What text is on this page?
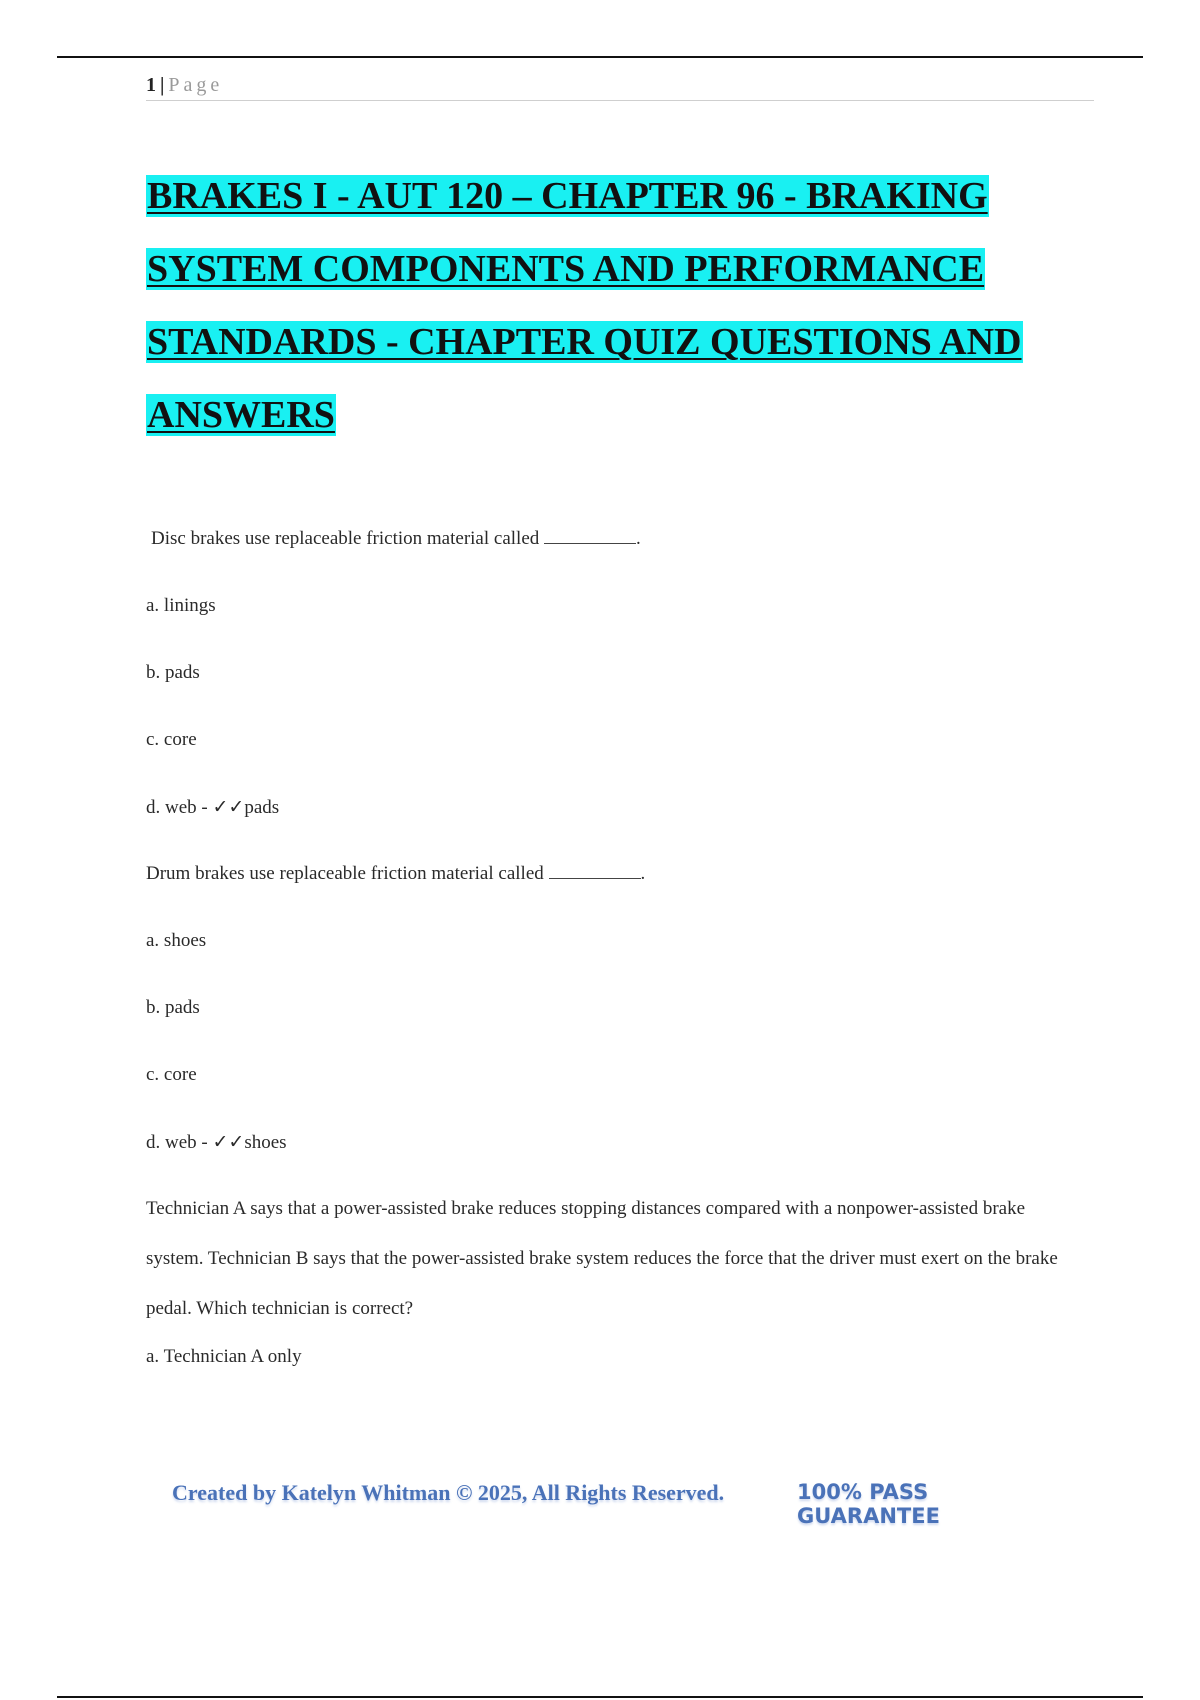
1 | Page
BRAKES I - AUT 120 – CHAPTER 96 - BRAKING SYSTEM COMPONENTS AND PERFORMANCE STANDARDS - CHAPTER QUIZ QUESTIONS AND ANSWERS
Disc brakes use replaceable friction material called	.
a. linings
b. pads
c. core
d. web - ✓✓pads
Drum brakes use replaceable friction material called	.
a. shoes
b. pads
c. core
d. web - ✓✓shoes
Technician A says that a power-assisted brake reduces stopping distances compared with a nonpower-assisted brake system. Technician B says that the power-assisted brake system reduces the force that the driver must exert on the brake pedal. Which technician is correct?
a. Technician A only
Created by Katelyn Whitman © 2025, All Rights Reserved.	100% PASS GUARANTEE
